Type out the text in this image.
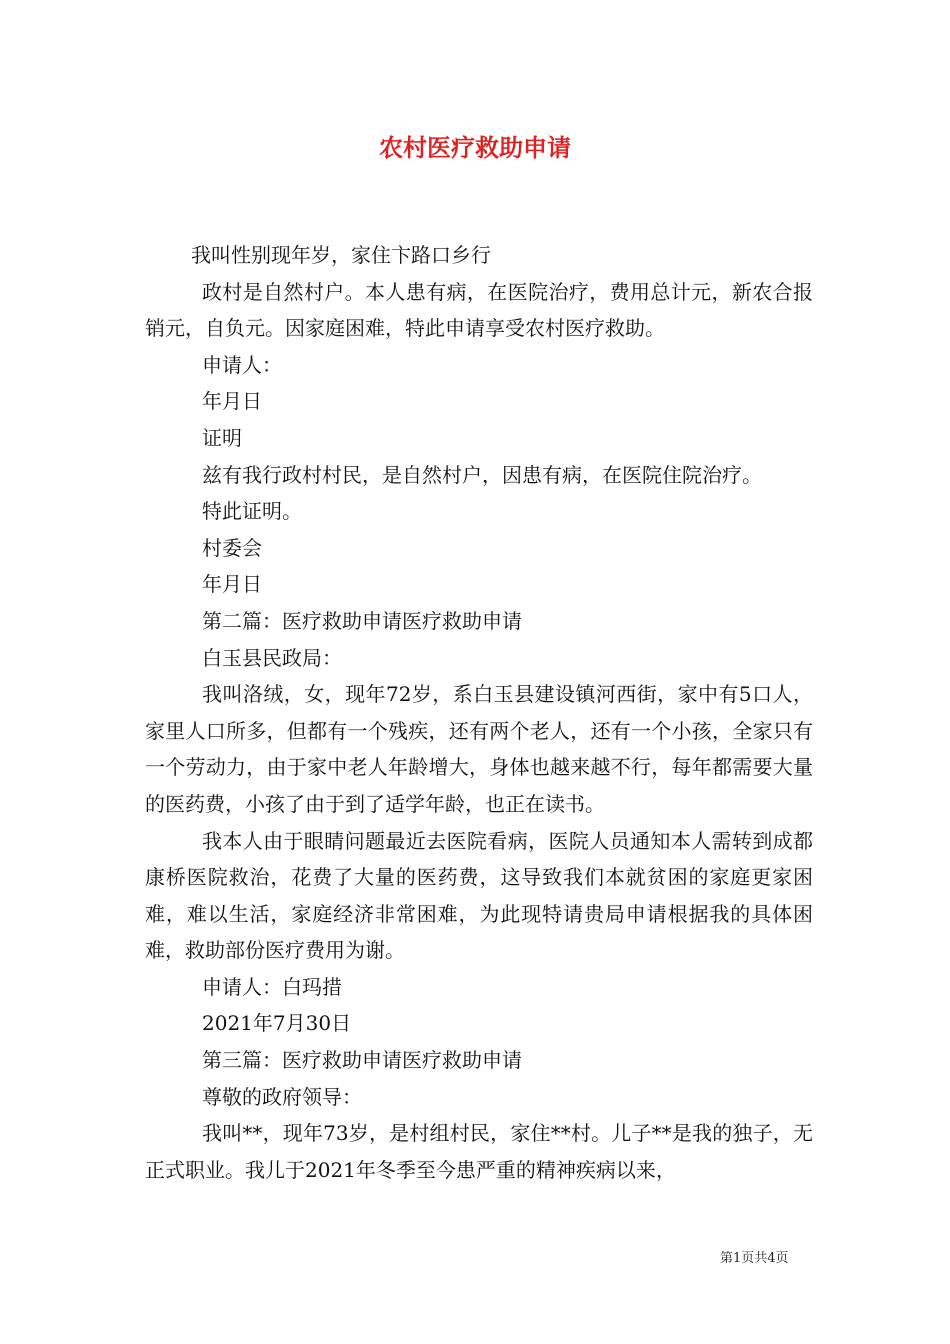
农村医疗救助申请

我叫性别现年岁，家住卞路口乡行

政村是自然村户。本人患有病，在医院治疗，费用总计元，新农合报销元，自负元。因家庭困难，特此申请享受农村医疗救助。

申请人：

年月日

证明

兹有我行政村村民，是自然村户，因患有病，在医院住院治疗。

特此证明。

村委会

年月日

第二篇：医疗救助申请医疗救助申请

白玉县民政局：

我叫洛绒，女，现年72岁，系白玉县建设镇河西街，家中有5口人，家里人口所多，但都有一个残疾，还有两个老人，还有一个小孩，全家只有一个劳动力，由于家中老人年龄增大，身体也越来越不行，每年都需要大量的医药费，小孩了由于到了适学年龄，也正在读书。

我本人由于眼睛问题最近去医院看病，医院人员通知本人需转到成都康桥医院救治，花费了大量的医药费，这导致我们本就贫困的家庭更家困难，难以生活，家庭经济非常困难，为此现特请贵局申请根据我的具体困难，救助部份医疗费用为谢。

申请人：白玛措

2021年7月30日

第三篇：医疗救助申请医疗救助申请

尊敬的政府领导：

我叫**，现年73岁，是村组村民，家住**村。儿子**是我的独子，无正式职业。我儿于2021年冬季至今患严重的精神疾病以来，

第1页共4页
